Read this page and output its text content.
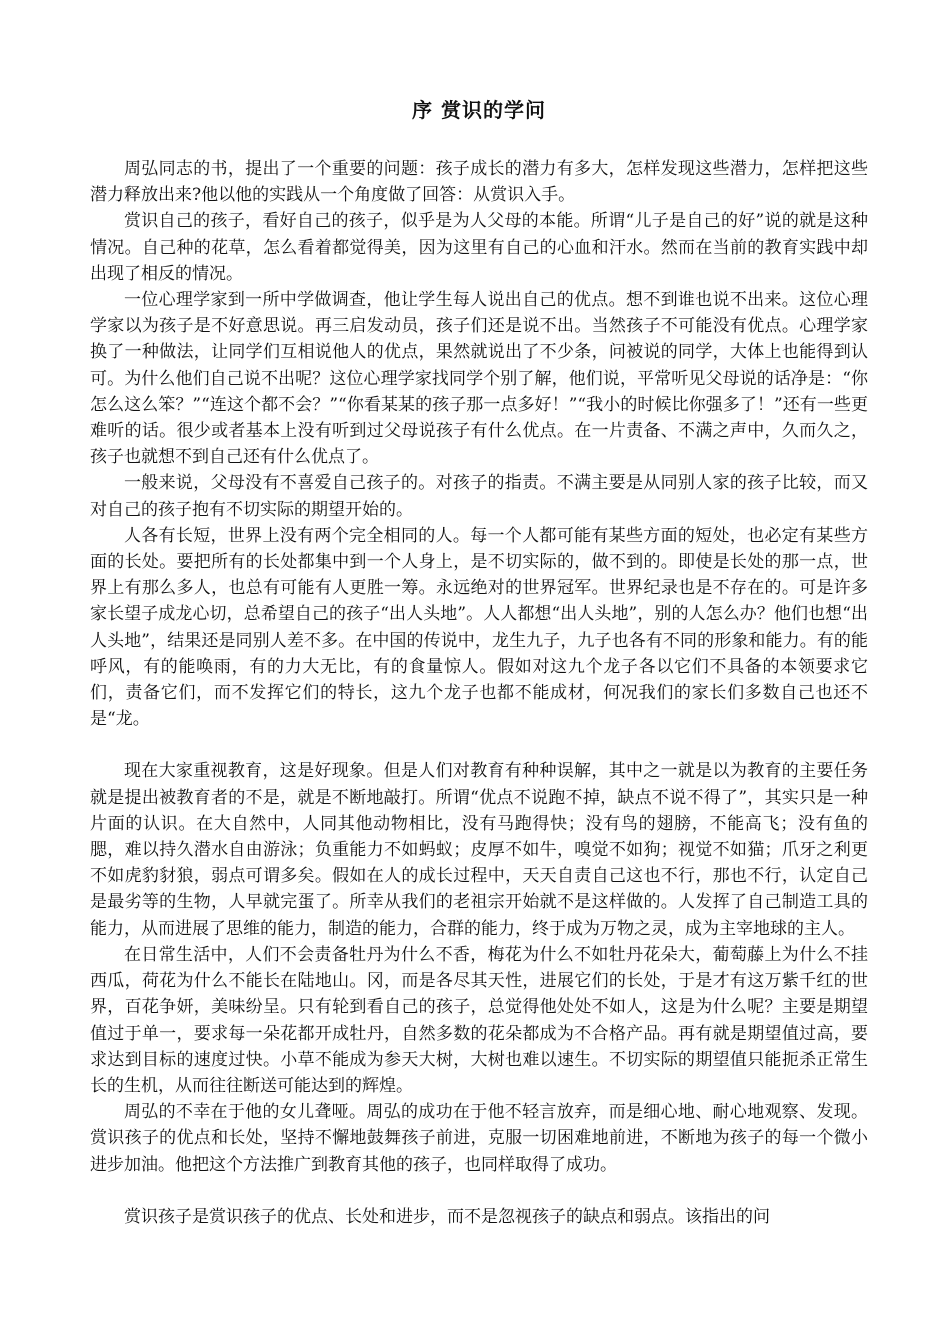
序 赏识的学问

周弘同志的书，提出了一个重要的问题：孩子成长的潜力有多大，怎样发现这些潜力，怎样把这些潜力释放出来?他以他的实践从一个角度做了回答：从赏识入手。

赏识自己的孩子，看好自己的孩子，似乎是为人父母的本能。所谓“儿子是自己的好”说的就是这种情况。自己种的花草，怎么看着都觉得美，因为这里有自己的心血和汗水。然而在当前的教育实践中却出现了相反的情况。

一位心理学家到一所中学做调查，他让学生每人说出自己的优点。想不到谁也说不出来。这位心理学家以为孩子是不好意思说。再三启发动员，孩子们还是说不出。当然孩子不可能没有优点。心理学家换了一种做法，让同学们互相说他人的优点，果然就说出了不少条，问被说的同学，大体上也能得到认可。为什么他们自己说不出呢？这位心理学家找同学个别了解，他们说，平常听见父母说的话净是：“你怎么这么笨？”“连这个都不会？”“你看某某的孩子那一点多好！”“我小的时候比你强多了！”还有一些更难听的话。很少或者基本上没有听到过父母说孩子有什么优点。在一片责备、不满之声中，久而久之，孩子也就想不到自己还有什么优点了。

一般来说，父母没有不喜爱自己孩子的。对孩子的指责。不满主要是从同别人家的孩子比较，而又对自己的孩子抱有不切实际的期望开始的。

人各有长短，世界上没有两个完全相同的人。每一个人都可能有某些方面的短处，也必定有某些方面的长处。要把所有的长处都集中到一个人身上，是不切实际的，做不到的。即使是长处的那一点，世界上有那么多人，也总有可能有人更胜一筹。永远绝对的世界冠军。世界纪录也是不存在的。可是许多家长望子成龙心切，总希望自己的孩子“出人头地”。人人都想“出人头地”，别的人怎么办？他们也想“出人头地”，结果还是同别人差不多。在中国的传说中，龙生九子，九子也各有不同的形象和能力。有的能呼风，有的能唤雨，有的力大无比，有的食量惊人。假如对这九个龙子各以它们不具备的本领要求它们，责备它们，而不发挥它们的特长，这九个龙子也都不能成材，何况我们的家长们多数自己也还不是“龙。

现在大家重视教育，这是好现象。但是人们对教育有种种误解，其中之一就是以为教育的主要任务就是提出被教育者的不是，就是不断地敲打。所谓“优点不说跑不掉，缺点不说不得了”，其实只是一种片面的认识。在大自然中，人同其他动物相比，没有马跑得快；没有鸟的翅膀，不能高飞；没有鱼的腮，难以持久潜水自由游泳；负重能力不如蚂蚁；皮厚不如牛，嗅觉不如狗；视觉不如猫；爪牙之利更不如虎豹豺狼，弱点可谓多矣。假如在人的成长过程中，天天自责自己这也不行，那也不行，认定自己是最劣等的生物，人早就完蛋了。所幸从我们的老祖宗开始就不是这样做的。人发挥了自己制造工具的能力，从而进展了思维的能力，制造的能力，合群的能力，终于成为万物之灵，成为主宰地球的主人。

在日常生活中，人们不会责备牡丹为什么不香，梅花为什么不如牡丹花朵大，葡萄藤上为什么不挂西瓜，荷花为什么不能长在陆地山。冈，而是各尽其天性，进展它们的长处，于是才有这万紫千红的世界，百花争妍，美味纷呈。只有轮到看自己的孩子，总觉得他处处不如人，这是为什么呢？主要是期望值过于单一，要求每一朵花都开成牡丹，自然多数的花朵都成为不合格产品。再有就是期望值过高，要求达到目标的速度过快。小草不能成为参天大树，大树也难以速生。不切实际的期望值只能扼杀正常生长的生机，从而往往断送可能达到的辉煌。

周弘的不幸在于他的女儿聋哑。周弘的成功在于他不轻言放弃，而是细心地、耐心地观察、发现。赏识孩子的优点和长处，坚持不懈地鼓舞孩子前进，克服一切困难地前进，不断地为孩子的每一个微小进步加油。他把这个方法推广到教育其他的孩子，也同样取得了成功。

赏识孩子是赏识孩子的优点、长处和进步，而不是忽视孩子的缺点和弱点。该指出的问
